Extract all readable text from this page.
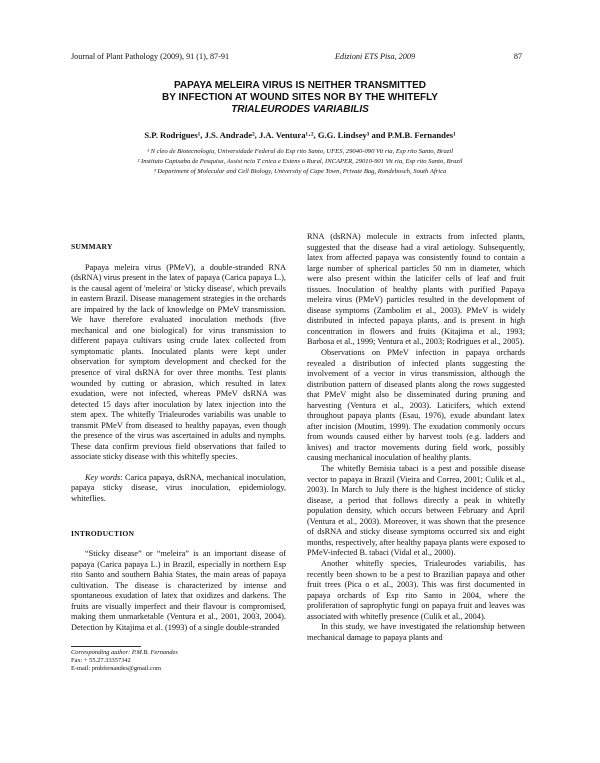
Journal of Plant Pathology (2009), 91 (1), 87-91	Edizioni ETS Pisa, 2009	87
PAPAYA MELEIRA VIRUS IS NEITHER TRANSMITTED
BY INFECTION AT WOUND SITES NOR BY THE WHITEFLY
TRIALEURODES VARIABILIS
S.P. Rodrigues¹, J.S. Andrade², J.A. Ventura¹·², G.G. Lindsey³ and P.M.B. Fernandes¹
¹ N cleo de Biotecnologia, Universidade Federal do Esp rito Santo, UFES, 29040-090 Vit ria, Esp rito Santo, Brazil
² Instituto Capixaba de Pesquisa, Assist ncia T cnica e Extens o Rural, INCAPER, 29010-901 Vit ria, Esp rito Santo, Brazil
³ Department of Molecular and Cell Biology, University of Cape Town, Private Bag, Rondebosch, South Africa
SUMMARY
Papaya meleira virus (PMeV), a double-stranded RNA (dsRNA) virus present in the latex of papaya (Carica papaya L.), is the causal agent of 'meleira' or 'sticky disease', which prevails in eastern Brazil. Disease management strategies in the orchards are impaired by the lack of knowledge on PMeV transmission. We have therefore evaluated inoculation methods (five mechanical and one biological) for virus transmission to different papaya cultivars using crude latex collected from symptomatic plants. Inoculated plants were kept under observation for symptom development and checked for the presence of viral dsRNA for over three months. Test plants wounded by cutting or abrasion, which resulted in latex exudation, were not infected, whereas PMeV dsRNA was detected 15 days after inoculation by latex injection into the stem apex. The whitefly Trialeurodes variabilis was unable to transmit PMeV from diseased to healthy papayas, even though the presence of the virus was ascertained in adults and nymphs. These data confirm previous field observations that failed to associate sticky disease with this whitefly species.
Key words: Carica papaya, dsRNA, mechanical inoculation, papaya sticky disease, virus inoculation, epidemiology, whiteflies.
INTRODUCTION
“Sticky disease” or “meleira” is an important disease of papaya (Carica papaya L.) in Brazil, especially in northern Esp rito Santo and southern Bahia States, the main areas of papaya cultivation. The disease is characterized by intense and spontaneous exudation of latex that oxidizes and darkens. The fruits are visually imperfect and their flavour is compromised, making them unmarketable (Ventura et al., 2001, 2003, 2004). Detection by Kitajima et al. (1993) of a single double-stranded
Corresponding author: P.M.B. Fernandes
Fax: + 55.27.33357342
E-mail: pmbfernandes@gmail.com
RNA (dsRNA) molecule in extracts from infected plants, suggested that the disease had a viral aetiology. Subsequently, latex from affected papaya was consistently found to contain a large number of spherical particles 50 nm in diameter, which were also present within the laticifer cells of leaf and fruit tissues. Inoculation of healthy plants with purified Papaya meleira virus (PMeV) particles resulted in the development of disease symptoms (Zambolim et al., 2003). PMeV is widely distributed in infected papaya plants, and is present in high concentration in flowers and fruits (Kitajima et al., 1993; Barbosa et al., 1999; Ventura et al., 2003; Rodrigues et al., 2005).
Observations on PMeV infection in papaya orchards revealed a distribution of infected plants suggesting the involvement of a vector in virus transmission, although the distribution pattern of diseased plants along the rows suggested that PMeV might also be disseminated during pruning and harvesting (Ventura et al., 2003). Laticifers, which extend throughout papaya plants (Esau, 1976), exude abundant latex after incision (Moutim, 1999). The exudation commonly occurs from wounds caused either by harvest tools (e.g. ladders and knives) and tractor movements during field work, possibly causing mechanical inoculation of healthy plants.
The whitefly Bemisia tabaci is a pest and possible disease vector to papaya in Brazil (Vieira and Correa, 2001; Culik et al., 2003). In March to July there is the highest incidence of sticky disease, a period that follows directly a peak in whitefly population density, which occurs between February and April (Ventura et al., 2003). Moreover, it was shown that the presence of dsRNA and sticky disease symptoms occurred six and eight months, respectively, after healthy papaya plants were exposed to PMeV-infected B. tabaci (Vidal et al., 2000).
Another whitefly species, Trialeurodes variabilis, has recently been shown to be a pest to Brazilian papaya and other fruit trees (Pica o et al., 2003). This was first documented in papaya orchards of Esp rito Santo in 2004, where the proliferation of saprophytic fungi on papaya fruit and leaves was associated with whitefly presence (Culik et al., 2004).
In this study, we have investigated the relationship between mechanical damage to papaya plants and
